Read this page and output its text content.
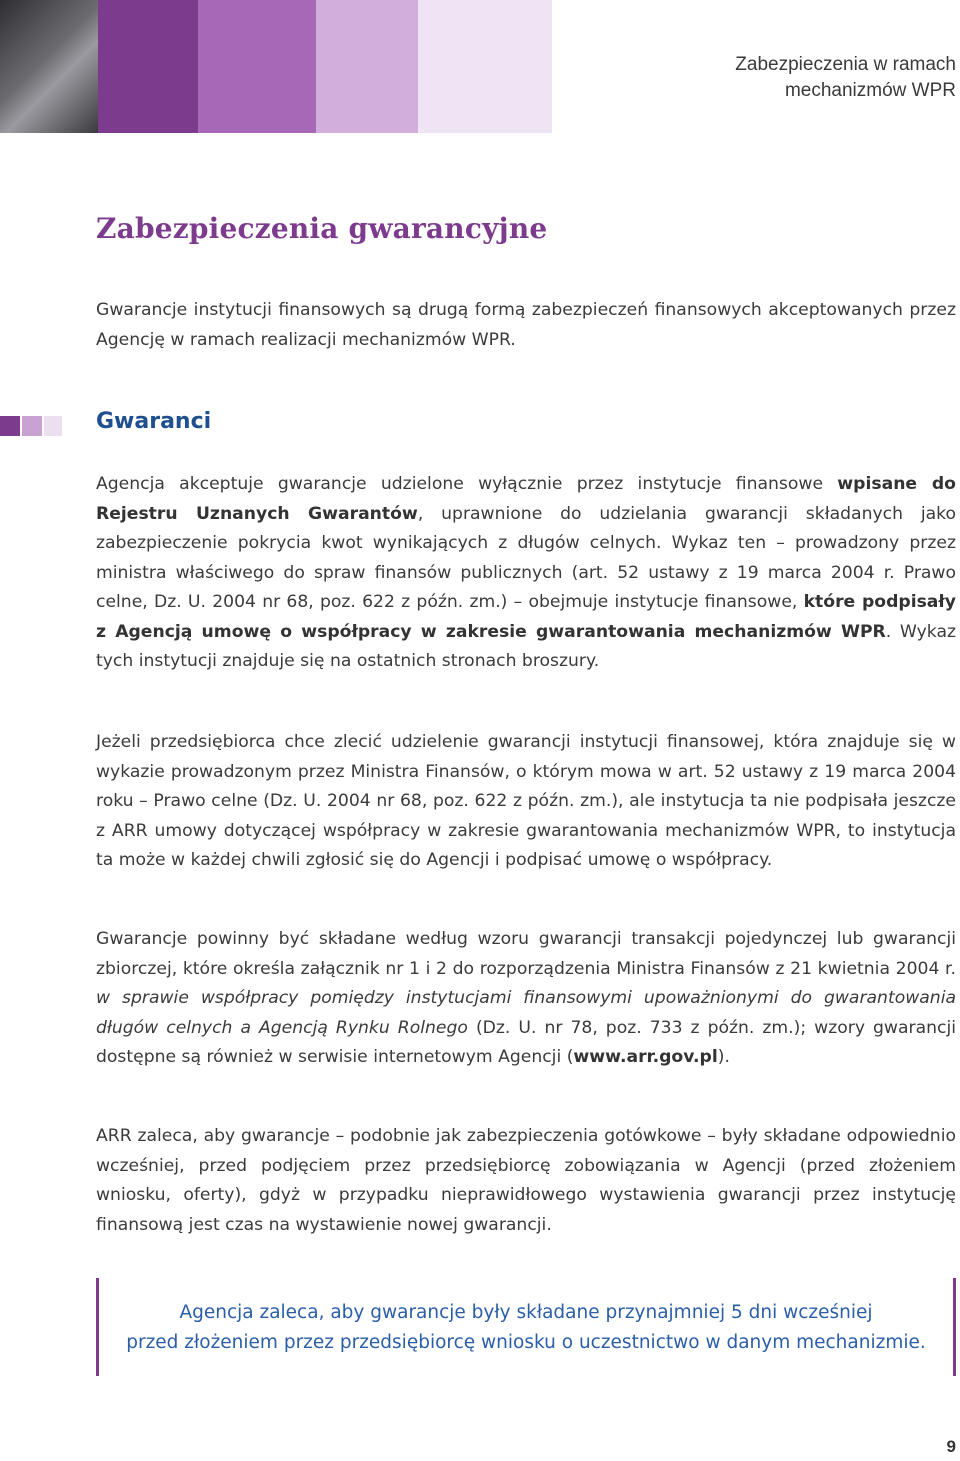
Zabezpieczenia w ramach
mechanizmów WPR
Zabezpieczenia gwarancyjne

Gwarancje instytucji finansowych są drugą formą zabezpieczeń finansowych akceptowanych przez Agencję w ramach realizacji mechanizmów WPR.

Gwaranci

Agencja akceptuje gwarancje udzielone wyłącznie przez instytucje finansowe wpisane do Rejestru Uznanych Gwarantów, uprawnione do udzielania gwarancji składanych jako zabezpieczenie pokrycia kwot wynikających z długów celnych. Wykaz ten – prowadzony przez ministra właściwego do spraw finansów publicznych (art. 52 ustawy z 19 marca 2004 r. Prawo celne, Dz. U. 2004 nr 68, poz. 622 z późn. zm.) – obejmuje instytucje finansowe, które podpisały z Agencją umowę o współpracy w zakresie gwarantowania mechanizmów WPR. Wykaz tych instytucji znajduje się na ostatnich stronach broszury.

Jeżeli przedsiębiorca chce zlecić udzielenie gwarancji instytucji finansowej, która znajduje się w wykazie prowadzonym przez Ministra Finansów, o którym mowa w art. 52 ustawy z 19 marca 2004 roku – Prawo celne (Dz. U. 2004 nr 68, poz. 622 z późn. zm.), ale instytucja ta nie podpisała jeszcze z ARR umowy dotyczącej współpracy w zakresie gwarantowania mechanizmów WPR, to instytucja ta może w każdej chwili zgłosić się do Agencji i podpisać umowę o współpracy.

Gwarancje powinny być składane według wzoru gwarancji transakcji pojedynczej lub gwarancji zbiorczej, które określa załącznik nr 1 i 2 do rozporządzenia Ministra Finansów z 21 kwietnia 2004 r. w sprawie współpracy pomiędzy instytucjami finansowymi upoważnionymi do gwarantowania długów celnych a Agencją Rynku Rolnego (Dz. U. nr 78, poz. 733 z późn. zm.); wzory gwarancji dostępne są również w serwisie internetowym Agencji (www.arr.gov.pl).

ARR zaleca, aby gwarancje – podobnie jak zabezpieczenia gotówkowe – były składane odpowiednio wcześniej, przed podjęciem przez przedsiębiorcę zobowiązania w Agencji (przed złożeniem wniosku, oferty), gdyż w przypadku nieprawidłowego wystawienia gwarancji przez instytucję finansową jest czas na wystawienie nowej gwarancji.

Agencja zaleca, aby gwarancje były składane przynajmniej 5 dni wcześniej
przed złożeniem przez przedsiębiorcę wniosku o uczestnictwo w danym mechanizmie.

9
